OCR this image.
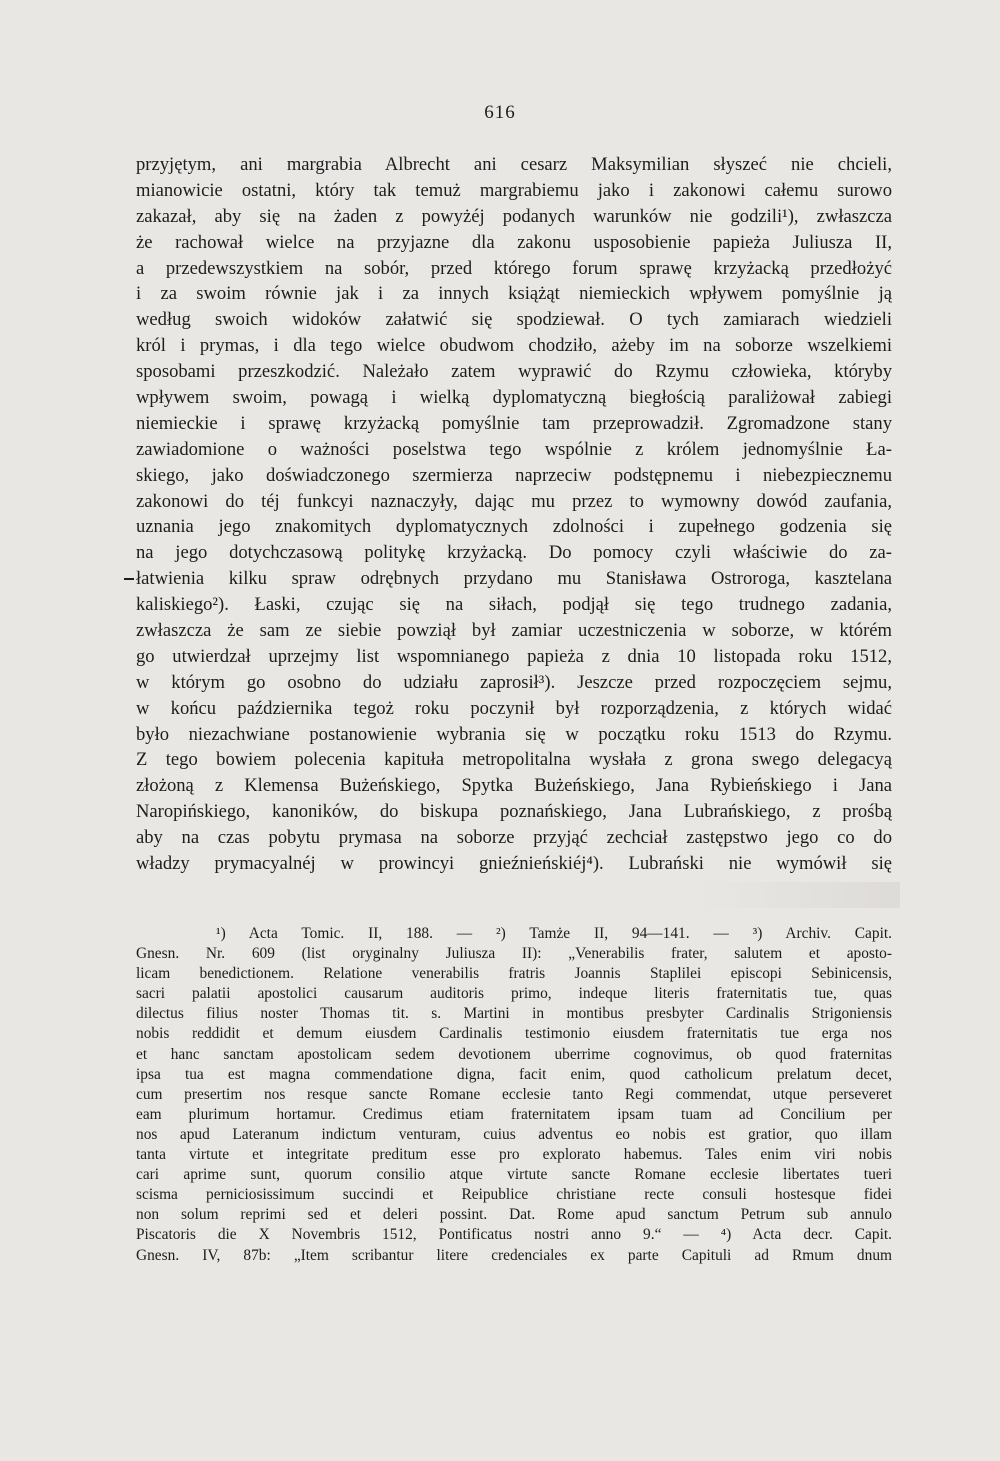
616
przyjętym, ani margrabia Albrecht ani cesarz Maksymilian słyszeć nie chcieli,
mianowicie ostatni, który tak temuż margrabiemu jako i zakonowi całemu surowo
zakazał, aby się na żaden z powyżéj podanych warunków nie godzili¹), zwłaszcza
że rachował wielce na przyjazne dla zakonu usposobienie papieża Juliusza II,
a przedewszystkiem na sobór, przed którego forum sprawę krzyżacką przedłożyć
i za swoim równie jak i za innych książąt niemieckich wpływem pomyślnie ją
według swoich widoków załatwić się spodziewał. O tych zamiarach wiedzieli
król i prymas, i dla tego wielce obudwom chodziło, ażeby im na soborze wszelkiemi
sposobami przeszkodzić. Należało zatem wyprawić do Rzymu człowieka, któryby
wpływem swoim, powagą i wielką dyplomatyczną biegłością paraliżował zabiegi
niemieckie i sprawę krzyżacką pomyślnie tam przeprowadził. Zgromadzone stany
zawiadomione o ważności poselstwa tego wspólnie z królem jednomyślnie Ła-
skiego, jako doświadczonego szermierza naprzeciw podstępnemu i niebezpiecznemu
zakonowi do téj funkcyi naznaczyły, dając mu przez to wymowny dowód zaufania,
uznania jego znakomitych dyplomatycznych zdolności i zupełnego godzenia się
na jego dotychczasową politykę krzyżacką. Do pomocy czyli właściwie do za-
łatwienia kilku spraw odrębnych przydano mu Stanisława Ostroroga, kasztelana
kaliskiego²). Łaski, czując się na siłach, podjął się tego trudnego zadania,
zwłaszcza że sam ze siebie powziął był zamiar uczestniczenia w soborze, w którém
go utwierdzał uprzejmy list wspomnianego papieża z dnia 10 listopada roku 1512,
w którym go osobno do udziału zaprosił³). Jeszcze przed rozpoczęciem sejmu,
w końcu października tegoż roku poczynił był rozporządzenia, z których widać
było niezachwiane postanowienie wybrania się w początku roku 1513 do Rzymu.
Z tego bowiem polecenia kapituła metropolitalna wysłała z grona swego delegacyą
złożoną z Klemensa Bużeńskiego, Spytka Bużeńskiego, Jana Rybieńskiego i Jana
Naropińskiego, kanoników, do biskupa poznańskiego, Jana Lubrańskiego, z prośbą
aby na czas pobytu prymasa na soborze przyjąć zechciał zastępstwo jego co do
władzy prymacyalnéj w prowincyi gnieźnieńskiéj⁴). Lubrański nie wymówił się
¹) Acta Tomic. II, 188. — ²) Tamże II, 94—141. — ³) Archiv. Capit.
Gnesn. Nr. 609 (list oryginalny Juliusza II): „Venerabilis frater, salutem et aposto-
licam benedictionem. Relatione venerabilis fratris Joannis Staplilei episcopi Sebinicensis,
sacri palatii apostolici causarum auditoris primo, indeque literis fraternitatis tue, quas
dilectus filius noster Thomas tit. s. Martini in montibus presbyter Cardinalis Strigoniensis
nobis reddidit et demum eiusdem Cardinalis testimonio eiusdem fraternitatis tue erga nos
et hanc sanctam apostolicam sedem devotionem uberrime cognovimus, ob quod fraternitas
ipsa tua est magna commendatione digna, facit enim, quod catholicum prelatum decet,
cum presertim nos resque sancte Romane ecclesie tanto Regi commendat, utque perseveret
eam plurimum hortamur. Credimus etiam fraternitatem ipsam tuam ad Concilium per
nos apud Lateranum indictum venturam, cuius adventus eo nobis est gratior, quo illam
tanta virtute et integritate preditum esse pro explorato habemus. Tales enim viri nobis
cari aprime sunt, quorum consilio atque virtute sancte Romane ecclesie libertates tueri
scisma perniciosissimum succindi et Reipublice christiane recte consuli hostesque fidei
non solum reprimi sed et deleri possint. Dat. Rome apud sanctum Petrum sub annulo
Piscatoris die X Novembris 1512, Pontificatus nostri anno 9.“ — ⁴) Acta decr. Capit.
Gnesn. IV, 87b: „Item scribantur litere credenciales ex parte Capituli ad Rmum dnum
